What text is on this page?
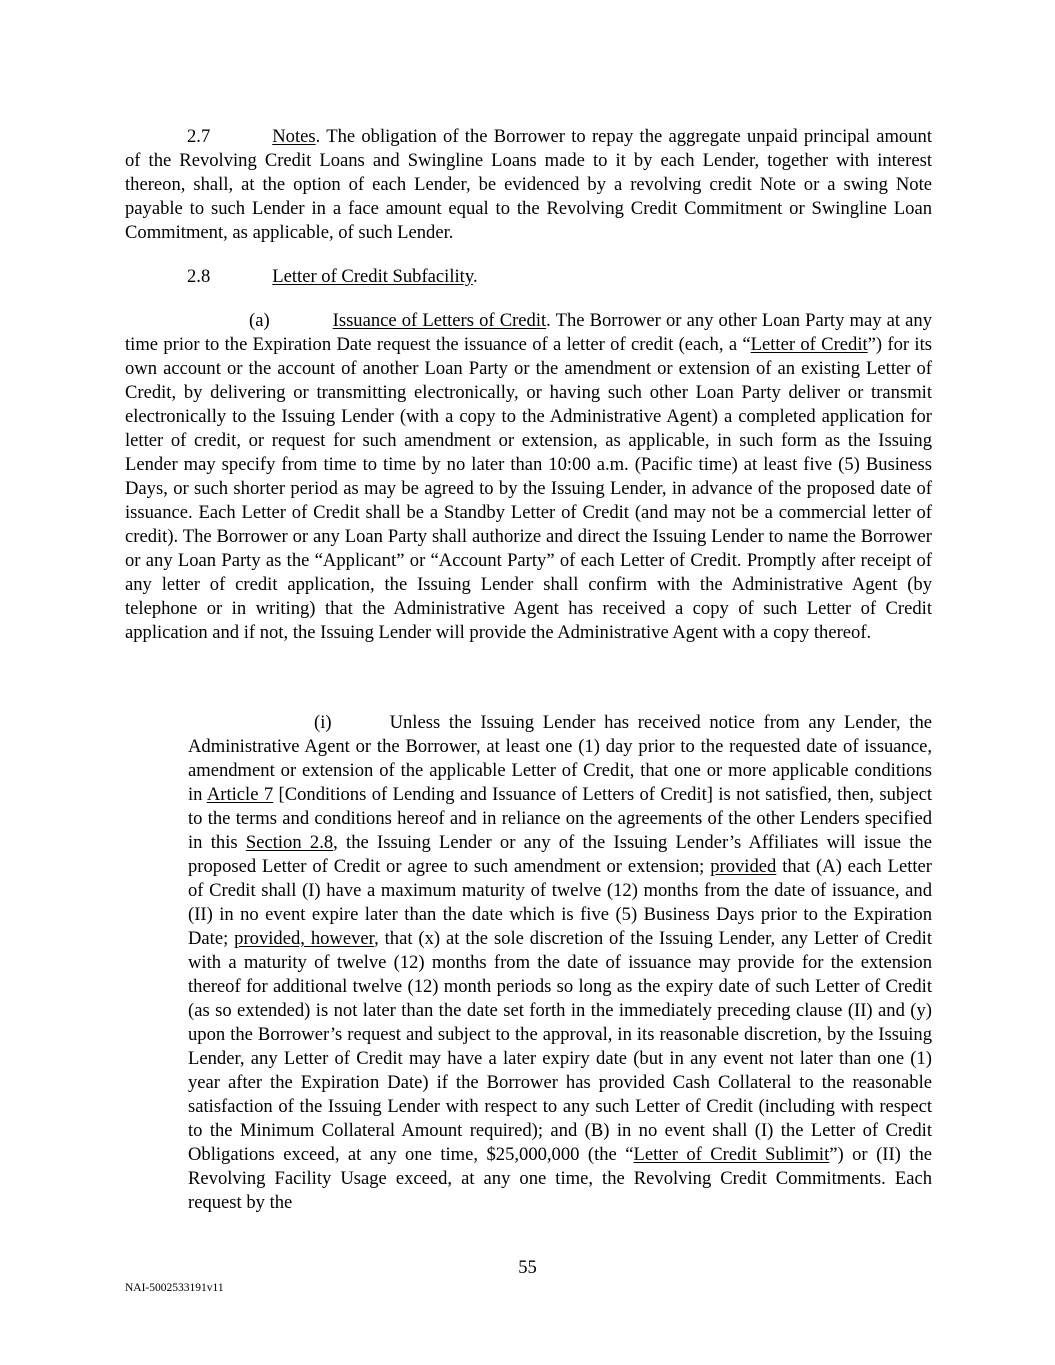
2.7	Notes. The obligation of the Borrower to repay the aggregate unpaid principal amount of the Revolving Credit Loans and Swingline Loans made to it by each Lender, together with interest thereon, shall, at the option of each Lender, be evidenced by a revolving credit Note or a swing Note payable to such Lender in a face amount equal to the Revolving Credit Commitment or Swingline Loan Commitment, as applicable, of such Lender.
2.8	Letter of Credit Subfacility.
(a)	Issuance of Letters of Credit. The Borrower or any other Loan Party may at any time prior to the Expiration Date request the issuance of a letter of credit (each, a “Letter of Credit”) for its own account or the account of another Loan Party or the amendment or extension of an existing Letter of Credit, by delivering or transmitting electronically, or having such other Loan Party deliver or transmit electronically to the Issuing Lender (with a copy to the Administrative Agent) a completed application for letter of credit, or request for such amendment or extension, as applicable, in such form as the Issuing Lender may specify from time to time by no later than 10:00 a.m. (Pacific time) at least five (5) Business Days, or such shorter period as may be agreed to by the Issuing Lender, in advance of the proposed date of issuance. Each Letter of Credit shall be a Standby Letter of Credit (and may not be a commercial letter of credit). The Borrower or any Loan Party shall authorize and direct the Issuing Lender to name the Borrower or any Loan Party as the “Applicant” or “Account Party” of each Letter of Credit. Promptly after receipt of any letter of credit application, the Issuing Lender shall confirm with the Administrative Agent (by telephone or in writing) that the Administrative Agent has received a copy of such Letter of Credit application and if not, the Issuing Lender will provide the Administrative Agent with a copy thereof.
(i)	Unless the Issuing Lender has received notice from any Lender, the Administrative Agent or the Borrower, at least one (1) day prior to the requested date of issuance, amendment or extension of the applicable Letter of Credit, that one or more applicable conditions in Article 7 [Conditions of Lending and Issuance of Letters of Credit] is not satisfied, then, subject to the terms and conditions hereof and in reliance on the agreements of the other Lenders specified in this Section 2.8, the Issuing Lender or any of the Issuing Lender’s Affiliates will issue the proposed Letter of Credit or agree to such amendment or extension; provided that (A) each Letter of Credit shall (I) have a maximum maturity of twelve (12) months from the date of issuance, and (II) in no event expire later than the date which is five (5) Business Days prior to the Expiration Date; provided, however, that (x) at the sole discretion of the Issuing Lender, any Letter of Credit with a maturity of twelve (12) months from the date of issuance may provide for the extension thereof for additional twelve (12) month periods so long as the expiry date of such Letter of Credit (as so extended) is not later than the date set forth in the immediately preceding clause (II) and (y) upon the Borrower’s request and subject to the approval, in its reasonable discretion, by the Issuing Lender, any Letter of Credit may have a later expiry date (but in any event not later than one (1) year after the Expiration Date) if the Borrower has provided Cash Collateral to the reasonable satisfaction of the Issuing Lender with respect to any such Letter of Credit (including with respect to the Minimum Collateral Amount required); and (B) in no event shall (I) the Letter of Credit Obligations exceed, at any one time, $25,000,000 (the “Letter of Credit Sublimit”) or (II) the Revolving Facility Usage exceed, at any one time, the Revolving Credit Commitments. Each request by the
55
NAI-5002533191v11
